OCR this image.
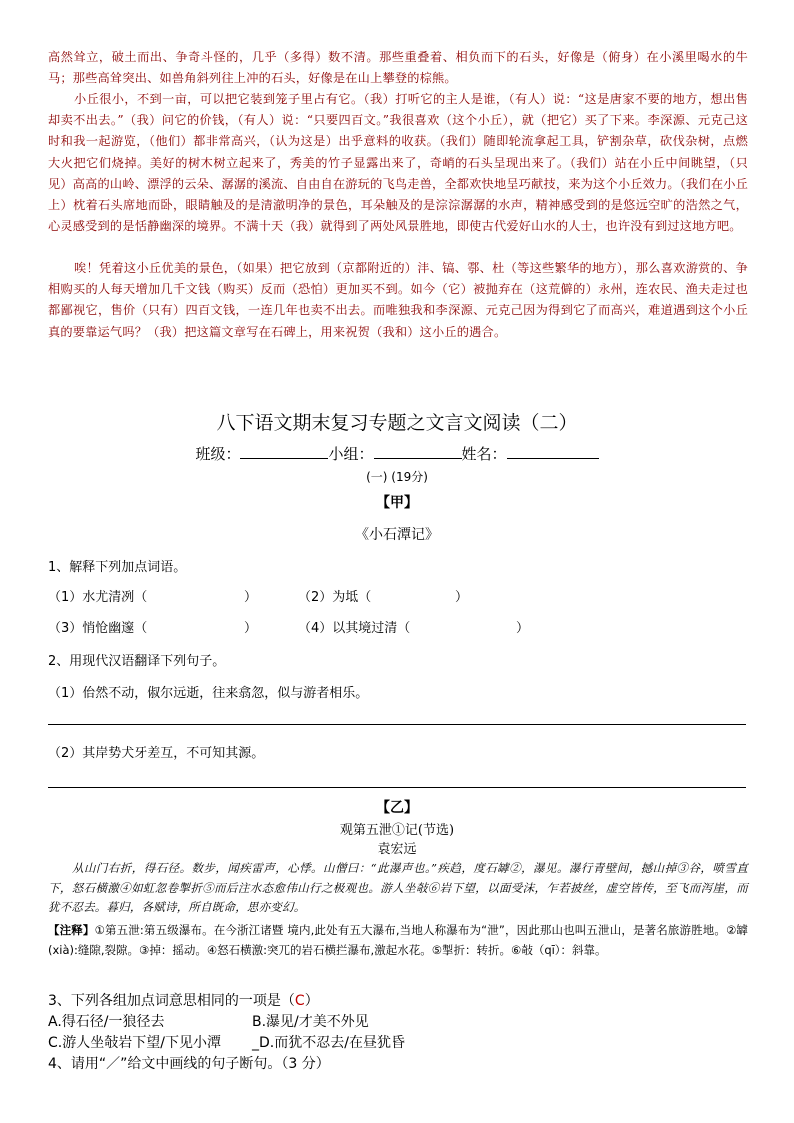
高然耸立，破土而出、争奇斗怪的，几乎（多得）数不清。那些重叠着、相负而下的石头，好像是（俯身）在小溪里喝水的牛马；那些高耸突出、如兽角斜列往上冲的石头，好像是在山上攀登的棕熊。
小丘很小，不到一亩，可以把它装到笼子里占有它。（我）打听它的主人是谁，（有人）说：“这是唐家不要的地方，想出售却卖不出去。”（我）问它的价钱，（有人）说：“只要四百文。”我很喜欢（这个小丘），就（把它）买了下来。李深源、元克己这时和我一起游览，（他们）都非常高兴，（认为这是）出乎意料的收获。（我们）随即轮流拿起工具，铲割杂草，砍伐杂树，点燃大火把它们烧掉。美好的树木树立起来了，秀美的竹子显露出来了，奇峭的石头呈现出来了。（我们）站在小丘中间眺望，（只见）高高的山岭、漂浮的云朵、潺潺的溪流、自由自在游玩的飞鸟走兽，全都欢快地呈巧献技，来为这个小丘效力。（我们在小丘上）枕着石头席地而卧，眼睛触及的是清澈明净的景色，耳朵触及的是淙淙潺潺的水声，精神感受到的是悠远空旷的浩然之气，心灵感受到的是恬静幽深的境界。不满十天（我）就得到了两处风景胜地，即使古代爱好山水的人士，也许没有到过这地方吧。
唉！凭着这小丘优美的景色，（如果）把它放到（京都附近的）沣、镐、鄠、杜（等这些繁华的地方），那么喜欢游赏的、争相购买的人每天增加几千文钱（购买）反而（恐怕）更加买不到。如今（它）被抛弃在（这荒僻的）永州，连农民、渔夫走过也都鄙视它，售价（只有）四百文钱，一连几年也卖不出去。而唯独我和李深源、元克己因为得到它了而高兴，难道遇到这个小丘真的要靠运气吗？（我）把这篇文章写在石碑上，用来祝贺（我和）这小丘的遇合。
八下语文期末复习专题之文言文阅读（二）
班级：	小组：	姓名：
(一) (19分)
【甲】
《小石潭记》
1、解释下列加点词语。
（1）水尤清冽（	）	（2）为坻（	）
（3）悄怆幽邃（	）	（4）以其境过清（	）
2、用现代汉语翻译下列句子。
（1）佁然不动，俶尔远逝，往来翕忽，似与游者相乐。
（2）其岸势犬牙差互，不可知其源。
【乙】
观第五泄①记(节选)
袁宏远
从山门右折，得石径。数步，闻疾雷声，心悸。山僧曰：“此瀑声也。”疾趋，度石罅②，瀑见。瀑行青壁间，撼山掉③谷，喷雪直下，怒石横激④如虹忽卷掣折⑤而后注水态愈伟山行之极观也。游人坐敧⑥岩下望，以面受沫，乍若披丝，虚空皆传，至飞而泻崖，而犹不忍去。暮归，各赋诗，所自既命，思亦变幻。
【注释】①第五泄:第五级瀑布。在今浙江诸暨 境内,此处有五大瀑布,当地人称瀑布为“泄”，因此那山也叫五泄山，是著名旅游胜地。②罅(xià):缝隙,裂隙。③掉：摇动。④怒石横激:突兀的岩石横拦瀑布,激起水花。⑤掣折：转折。⑥敧（qī）：斜靠。
3、下列各组加点词意思相同的一项是（C）
A.得石径/一狼径去	B.瀑见/才美不外见
C.游人坐敧岩下望/下见小潭 _D.而犹不忍去/在昼犹昏
4、请用“／”给文中画线的句子断句。（3 分）
